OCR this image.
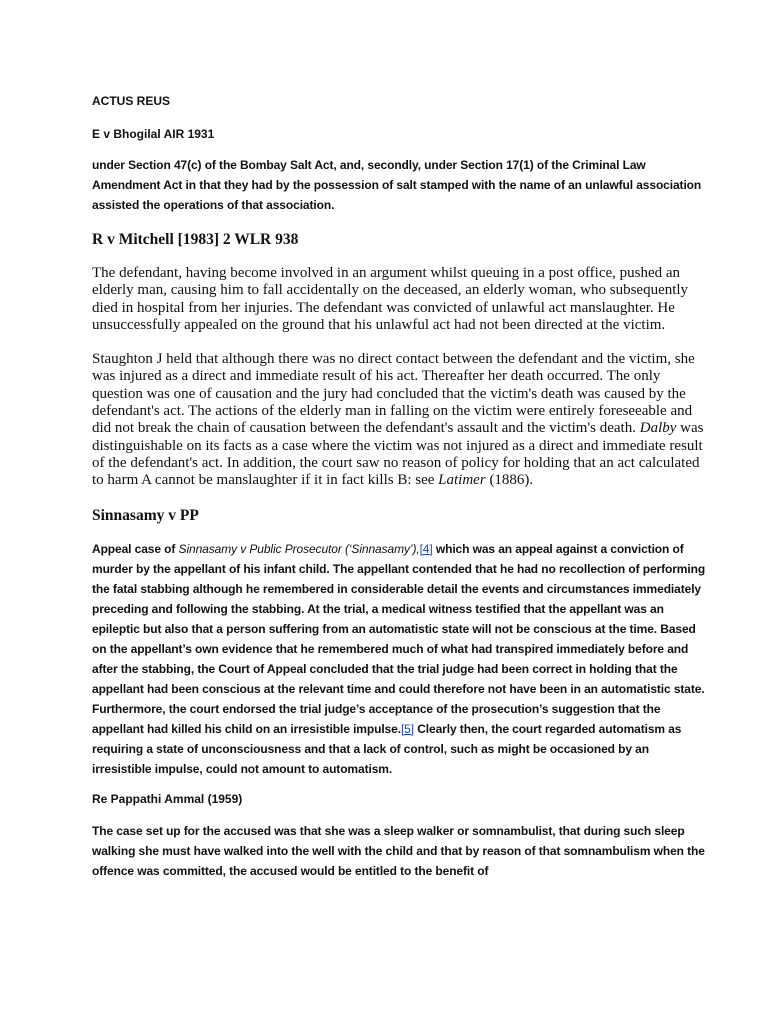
ACTUS REUS
E v Bhogilal AIR 1931

under Section 47(c) of the Bombay Salt Act, and, secondly, under Section 17(1) of the Criminal Law Amendment Act in that they had by the possession of salt stamped with the name of an unlawful association assisted the operations of that association.

R v Mitchell [1983] 2 WLR 938

The defendant, having become involved in an argument whilst queuing in a post office, pushed an elderly man, causing him to fall accidentally on the deceased, an elderly woman, who subsequently died in hospital from her injuries. The defendant was convicted of unlawful act manslaughter. He unsuccessfully appealed on the ground that his unlawful act had not been directed at the victim.

Staughton J held that although there was no direct contact between the defendant and the victim, she was injured as a direct and immediate result of his act. Thereafter her death occurred. The only question was one of causation and the jury had concluded that the victim's death was caused by the defendant's act. The actions of the elderly man in falling on the victim were entirely foreseeable and did not break the chain of causation between the defendant's assault and the victim's death. Dalby was distinguishable on its facts as a case where the victim was not injured as a direct and immediate result of the defendant's act. In addition, the court saw no reason of policy for holding that an act calculated to harm A cannot be manslaughter if it in fact kills B: see Latimer (1886).

Sinnasamy v PP

Appeal case of Sinnasamy v Public Prosecutor (‘Sinnasamy’),[4] which was an appeal against a conviction of murder by the appellant of his infant child. The appellant contended that he had no recollection of performing the fatal stabbing although he remembered in considerable detail the events and circumstances immediately preceding and following the stabbing. At the trial, a medical witness testified that the appellant was an epileptic but also that a person suffering from an automatistic state will not be conscious at the time. Based on the appellant’s own evidence that he remembered much of what had transpired immediately before and after the stabbing, the Court of Appeal concluded that the trial judge had been correct in holding that the appellant had been conscious at the relevant time and could therefore not have been in an automatistic state. Furthermore, the court endorsed the trial judge’s acceptance of the prosecution’s suggestion that the appellant had killed his child on an irresistible impulse.[5] Clearly then, the court regarded automatism as requiring a state of unconsciousness and that a lack of control, such as might be occasioned by an irresistible impulse, could not amount to automatism.

Re Pappathi Ammal (1959)

The case set up for the accused was that she was a sleep walker or somnambulist, that during such sleep walking she must have walked into the well with the child and that by reason of that somnambulism when the offence was committed, the accused would be entitled to the benefit of
